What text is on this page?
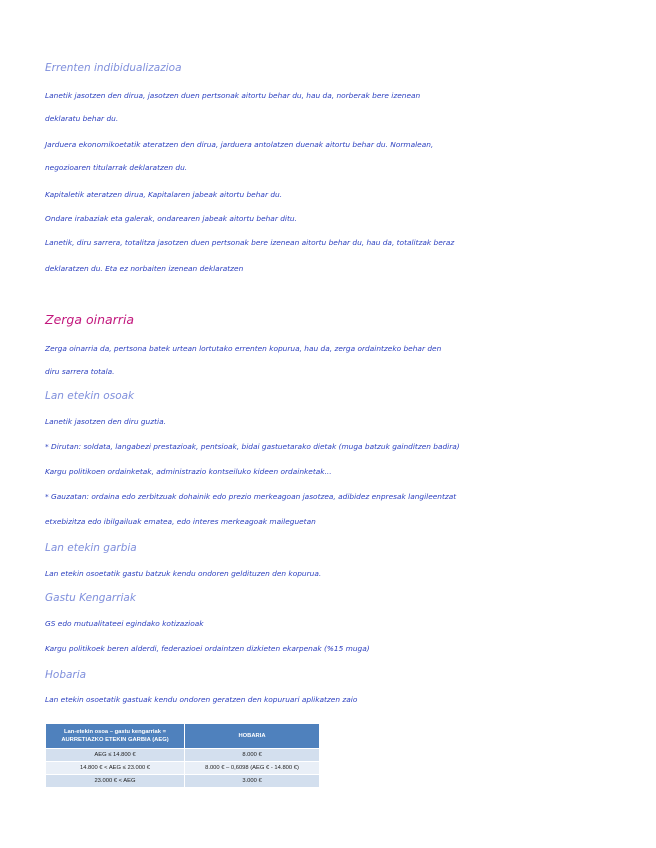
Errenten indibidualizazioa

Lanetik jasotzen den dirua, jasotzen duen pertsonak aitortu behar du, hau da, norberak bere izenean

deklaratu behar du.

Jarduera ekonomikoetatik ateratzen den dirua, jarduera antolatzen duenak aitortu behar du. Normalean,

negozioaren titularrak deklaratzen du.

Kapitaletik ateratzen dirua, Kapitalaren jabeak aitortu behar du.

Ondare irabaziak eta galerak, ondarearen jabeak aitortu behar ditu.

Lanetik, diru sarrera, totalitza jasotzen duen pertsonak bere izenean aitortu behar du, hau da, totalitzak beraz

deklaratzen du. Eta ez norbaiten izenean deklaratzen

Zerga oinarria

Zerga oinarria da, pertsona batek urtean lortutako errenten kopurua, hau da, zerga ordaintzeko behar den

diru sarrera totala.

Lan etekin osoak

Lanetik jasotzen den diru guztia.

* Dirutan: soldata, langabezi prestazioak, pentsioak, bidai gastuetarako dietak (muga batzuk gainditzen badira)

Kargu politikoen ordainketak, administrazio kontseiluko kideen ordainketak...

* Gauzatan: ordaina edo zerbitzuak dohainik edo prezio merkeagoan jasotzea, adibidez enpresak langileentzat

etxebizitza edo ibilgailuak ematea, edo interes merkeagoak maileguetan

Lan etekin garbia

Lan etekin osoetatik gastu batzuk kendu ondoren geldituzen den kopurua.

Gastu Kengarriak

GS edo mutualitateei egindako kotizazioak

Kargu politikoek beren alderdi, federazioei ordaintzen dizkieten ekarpenak (%15 muga)

Hobaria

Lan etekin osoetatik gastuak kendu ondoren geratzen den kopuruari aplikatzen zaio

Lan-etekin osoa – gastu kengarriak = AURRETIAZKO ETEKIN GARBIA (AEG)	HOBARIA
AEG ≤ 14.800 €	8.000 €
14.800 € < AEG ≤ 23.000 €	8.000 € – 0,6098 (AEG € - 14.800 €)
23.000 € < AEG	3.000 €
